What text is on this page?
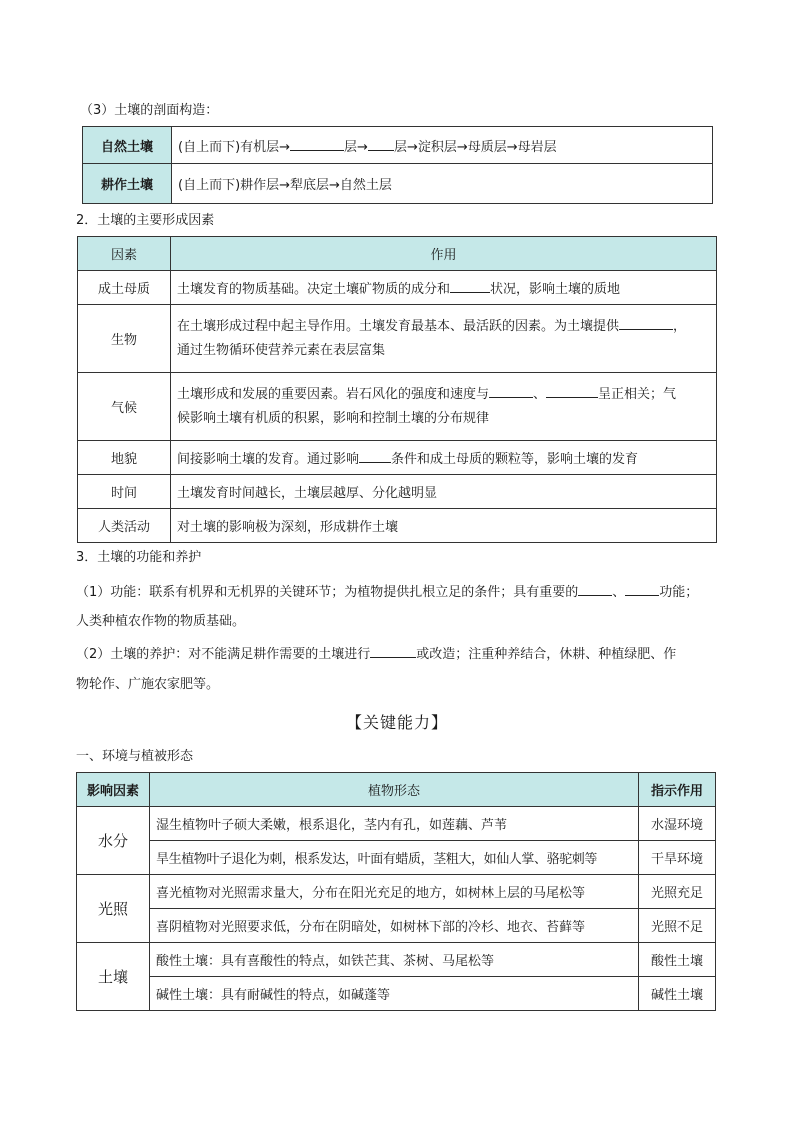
（3）土壤的剖面构造：
自然土壤	(自上而下)有机层→ 层→ 层→淀积层→母质层→母岩层
耕作土壤	(自上而下)耕作层→犁底层→自然土层
2．土壤的主要形成因素
因素	作用
成土母质	土壤发育的物质基础。决定土壤矿物质的成分和 状况，影响土壤的质地
生物	在土壤形成过程中起主导作用。土壤发育最基本、最活跃的因素。为土壤提供 ，
通过生物循环使营养元素在表层富集
气候	土壤形成和发展的重要因素。岩石风化的强度和速度与 、 呈正相关；气
候影响土壤有机质的积累，影响和控制土壤的分布规律
地貌	间接影响土壤的发育。通过影响 条件和成土母质的颗粒等，影响土壤的发育
时间	土壤发育时间越长，土壤层越厚、分化越明显
人类活动	对土壤的影响极为深刻，形成耕作土壤
3．土壤的功能和养护
（1）功能：联系有机界和无机界的关键环节；为植物提供扎根立足的条件；具有重要的	、	功能；
人类种植农作物的物质基础。
（2）土壤的养护：对不能满足耕作需要的土壤进行	或改造；注重种养结合，休耕、种植绿肥、作
物轮作、广施农家肥等。
【关键能力】
一、环境与植被形态
影响因素	植物形态	指示作用
水分	湿生植物叶子硕大柔嫩，根系退化，茎内有孔，如莲藕、芦苇	水湿环境
	旱生植物叶子退化为刺，根系发达，叶面有蜡质，茎粗大，如仙人掌、骆驼刺等	干旱环境
光照	喜光植物对光照需求量大，分布在阳光充足的地方，如树林上层的马尾松等	光照充足
	喜阴植物对光照要求低，分布在阴暗处，如树林下部的冷杉、地衣、苔藓等	光照不足
土壤	酸性土壤：具有喜酸性的特点，如铁芒萁、茶树、马尾松等	酸性土壤
	碱性土壤：具有耐碱性的特点，如碱蓬等	碱性土壤
